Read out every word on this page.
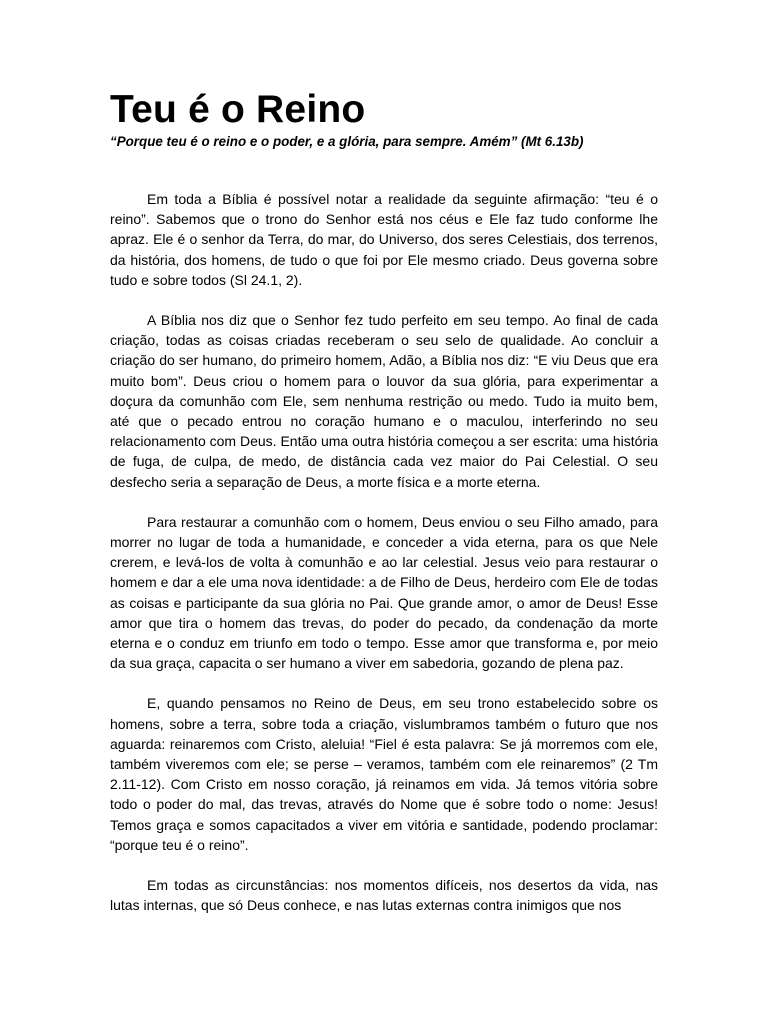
Teu é o Reino

“Porque teu é o reino e o poder, e a glória, para sempre. Amém” (Mt 6.13b)

Em toda a Bíblia é possível notar a realidade da seguinte afirmação: “teu é o reino”. Sabemos que o trono do Senhor está nos céus e Ele faz tudo conforme lhe apraz. Ele é o senhor da Terra, do mar, do Universo, dos seres Celestiais, dos terrenos, da história, dos homens, de tudo o que foi por Ele mesmo criado. Deus governa sobre tudo e sobre todos (Sl 24.1, 2).

A Bíblia nos diz que o Senhor fez tudo perfeito em seu tempo. Ao final de cada criação, todas as coisas criadas receberam o seu selo de qualidade. Ao concluir a criação do ser humano, do primeiro homem, Adão, a Bíblia nos diz: “E viu Deus que era muito bom”. Deus criou o homem para o louvor da sua glória, para experimentar a doçura da comunhão com Ele, sem nenhuma restrição ou medo. Tudo ia muito bem, até que o pecado entrou no coração humano e o maculou, interferindo no seu relacionamento com Deus. Então uma outra história começou a ser escrita: uma história de fuga, de culpa, de medo, de distância cada vez maior do Pai Celestial. O seu desfecho seria a separação de Deus, a morte física e a morte eterna.

Para restaurar a comunhão com o homem, Deus enviou o seu Filho amado, para morrer no lugar de toda a humanidade, e conceder a vida eterna, para os que Nele crerem, e levá-los de volta à comunhão e ao lar celestial. Jesus veio para restaurar o homem e dar a ele uma nova identidade: a de Filho de Deus, herdeiro com Ele de todas as coisas e participante da sua glória no Pai. Que grande amor, o amor de Deus! Esse amor que tira o homem das trevas, do poder do pecado, da condenação da morte eterna e o conduz em triunfo em todo o tempo. Esse amor que transforma e, por meio da sua graça, capacita o ser humano a viver em sabedoria, gozando de plena paz.

E, quando pensamos no Reino de Deus, em seu trono estabelecido sobre os homens, sobre a terra, sobre toda a criação, vislumbramos também o futuro que nos aguarda: reinaremos com Cristo, aleluia! “Fiel é esta palavra: Se já morremos com ele, também viveremos com ele; se perse – veramos, também com ele reinaremos” (2 Tm 2.11-12). Com Cristo em nosso coração, já reinamos em vida. Já temos vitória sobre todo o poder do mal, das trevas, através do Nome que é sobre todo o nome: Jesus! Temos graça e somos capacitados a viver em vitória e santidade, podendo proclamar: “porque teu é o reino”.

Em todas as circunstâncias: nos momentos difíceis, nos desertos da vida, nas lutas internas, que só Deus conhece, e nas lutas externas contra inimigos que nos
